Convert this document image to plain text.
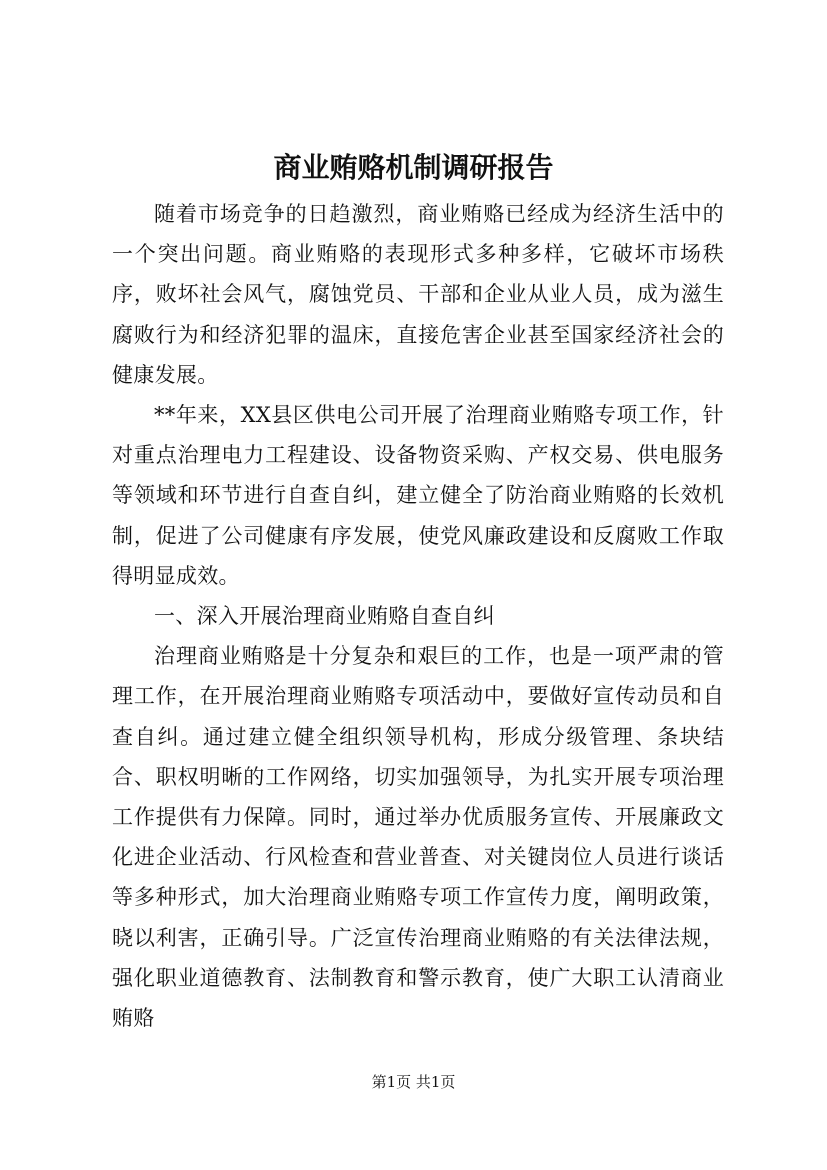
商业贿赂机制调研报告

随着市场竞争的日趋激烈，商业贿赂已经成为经济生活中的一个突出问题。商业贿赂的表现形式多种多样，它破坏市场秩序，败坏社会风气，腐蚀党员、干部和企业从业人员，成为滋生腐败行为和经济犯罪的温床，直接危害企业甚至国家经济社会的健康发展。

**年来，XX县区供电公司开展了治理商业贿赂专项工作，针对重点治理电力工程建设、设备物资采购、产权交易、供电服务等领域和环节进行自查自纠，建立健全了防治商业贿赂的长效机制，促进了公司健康有序发展，使党风廉政建设和反腐败工作取得明显成效。

一、深入开展治理商业贿赂自查自纠

治理商业贿赂是十分复杂和艰巨的工作，也是一项严肃的管理工作，在开展治理商业贿赂专项活动中，要做好宣传动员和自查自纠。通过建立健全组织领导机构，形成分级管理、条块结合、职权明晰的工作网络，切实加强领导，为扎实开展专项治理工作提供有力保障。同时，通过举办优质服务宣传、开展廉政文化进企业活动、行风检查和营业普查、对关键岗位人员进行谈话等多种形式，加大治理商业贿赂专项工作宣传力度，阐明政策，晓以利害，正确引导。广泛宣传治理商业贿赂的有关法律法规，强化职业道德教育、法制教育和警示教育，使广大职工认清商业贿赂

第1页 共1页
